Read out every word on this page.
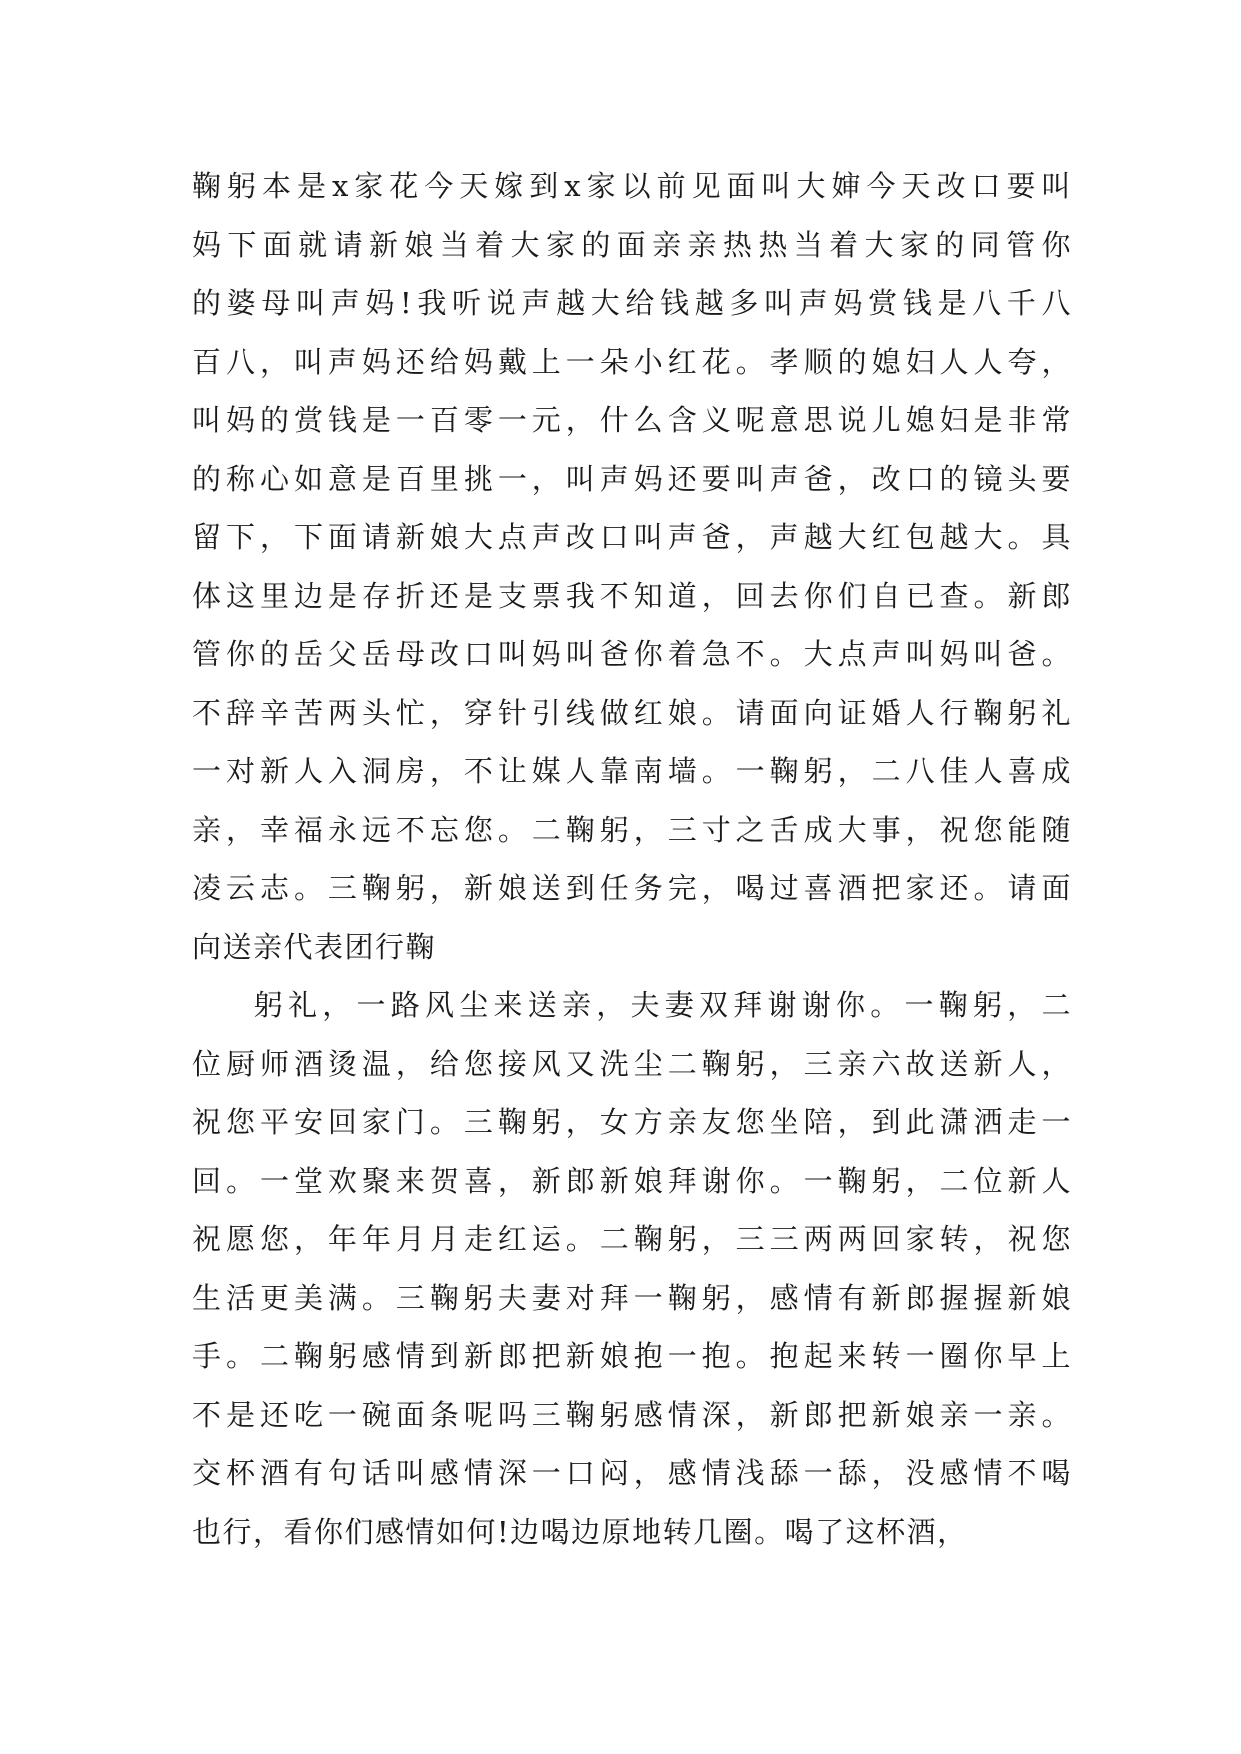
鞠躬本是x家花今天嫁到x家以前见面叫大婶今天改口要叫
妈下面就请新娘当着大家的面亲亲热热当着大家的同管你
的婆母叫声妈!我听说声越大给钱越多叫声妈赏钱是八千八
百八，叫声妈还给妈戴上一朵小红花。孝顺的媳妇人人夸，
叫妈的赏钱是一百零一元，什么含义呢意思说儿媳妇是非常
的称心如意是百里挑一，叫声妈还要叫声爸，改口的镜头要
留下，下面请新娘大点声改口叫声爸，声越大红包越大。具
体这里边是存折还是支票我不知道，回去你们自已查。新郎
管你的岳父岳母改口叫妈叫爸你着急不。大点声叫妈叫爸。
不辞辛苦两头忙，穿针引线做红娘。请面向证婚人行鞠躬礼
一对新人入洞房，不让媒人靠南墙。一鞠躬，二八佳人喜成
亲，幸福永远不忘您。二鞠躬，三寸之舌成大事，祝您能随
凌云志。三鞠躬，新娘送到任务完，喝过喜酒把家还。请面
向送亲代表团行鞠
躬礼，一路风尘来送亲，夫妻双拜谢谢你。一鞠躬，二
位厨师酒烫温，给您接风又洗尘二鞠躬，三亲六故送新人，
祝您平安回家门。三鞠躬，女方亲友您坐陪，到此潇洒走一
回。一堂欢聚来贺喜，新郎新娘拜谢你。一鞠躬，二位新人
祝愿您，年年月月走红运。二鞠躬，三三两两回家转，祝您
生活更美满。三鞠躬夫妻对拜一鞠躬，感情有新郎握握新娘
手。二鞠躬感情到新郎把新娘抱一抱。抱起来转一圈你早上
不是还吃一碗面条呢吗三鞠躬感情深，新郎把新娘亲一亲。
交杯酒有句话叫感情深一口闷，感情浅舔一舔，没感情不喝
也行，看你们感情如何!边喝边原地转几圈。喝了这杯酒，
